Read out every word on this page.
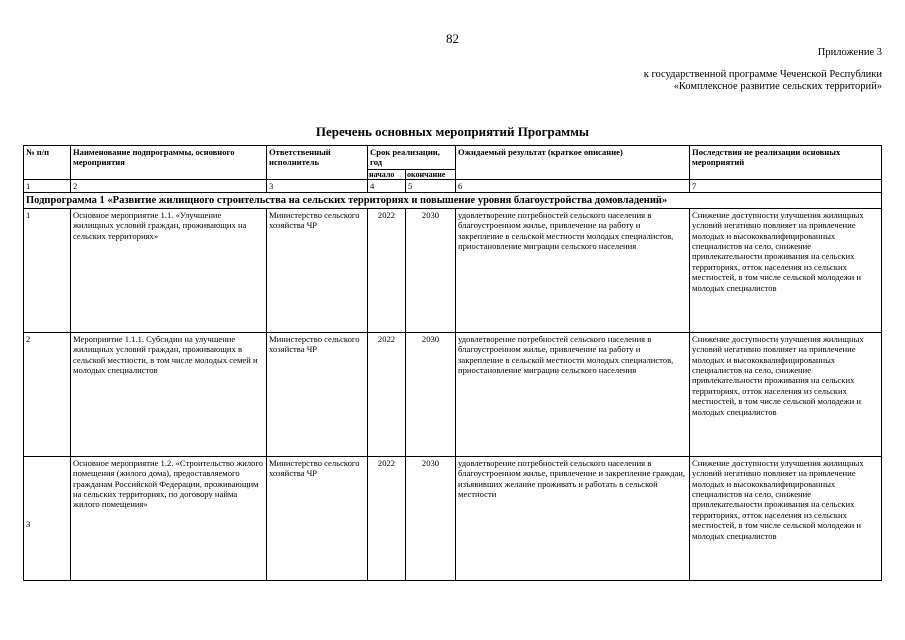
82
Приложение 3
к государственной программе Чеченской Республики
«Комплексное развитие сельских территорий»
Перечень основных мероприятий Программы
№ п/п	Наименование подпрограммы, основного мероприятия	Ответственный исполнитель	Срок реализации, год		Ожидаемый результат (краткое описание)	Последствия не реализации основных мероприятий
			начало	окончание		
1	2	3	4	5	6	7
Подпрограмма 1 «Развитие жилищного строительства на сельских территориях и повышение уровня благоустройства домовладений»						
1	Основное мероприятие 1.1. «Улучшение жилищных условий граждан, проживающих на сельских территориях»	Министерство сельского хозяйства ЧР	2022	2030	удовлетворение потребностей сельского населения в благоустроенном жилье, привлечение на работу и закрепление в сельской местности молодых специалистов, приостановление миграции сельского населения	Снижение доступности улучшения жилищных условий негативно повлияет на привлечение молодых и высококвалифицированных специалистов на село, снижение привлекательности проживания на сельских территориях, отток населения из сельских местностей, в том числе сельской молодежи и молодых специалистов
2	Мероприятие 1.1.1. Субсидии на улучшение жилищных условий граждан, проживающих в сельской местности, в том числе молодых семей и молодых специалистов	Министерство сельского хозяйства ЧР	2022	2030	удовлетворение потребностей сельского населения в благоустроенном жилье, привлечение на работу и закрепление в сельской местности молодых специалистов, приостановление миграции сельского населения	Снижение доступности улучшения жилищных условий негативно повлияет на привлечение молодых и высококвалифицированных специалистов на село, снижение привлекательности проживания на сельских территориях, отток населения из сельских местностей, в том числе сельской молодежи и молодых специалистов
3	Основное мероприятие 1.2. «Строительство жилого помещения (жилого дома), предоставляемого гражданам Российской Федерации, проживающим на сельских территориях, по договору найма жилого помещения»	Министерство сельского хозяйства ЧР	2022	2030	удовлетворение потребностей сельского населения в благоустроенном жилье, привлечение и закрепление граждан, изъявивших желание проживать и работать в сельской местности	Снижение доступности улучшения жилищных условий негативно повлияет на привлечение молодых и высококвалифицированных специалистов на село, снижение привлекательности проживания на сельских территориях, отток населения из сельских местностей, в том числе сельской молодежи и молодых специалистов
